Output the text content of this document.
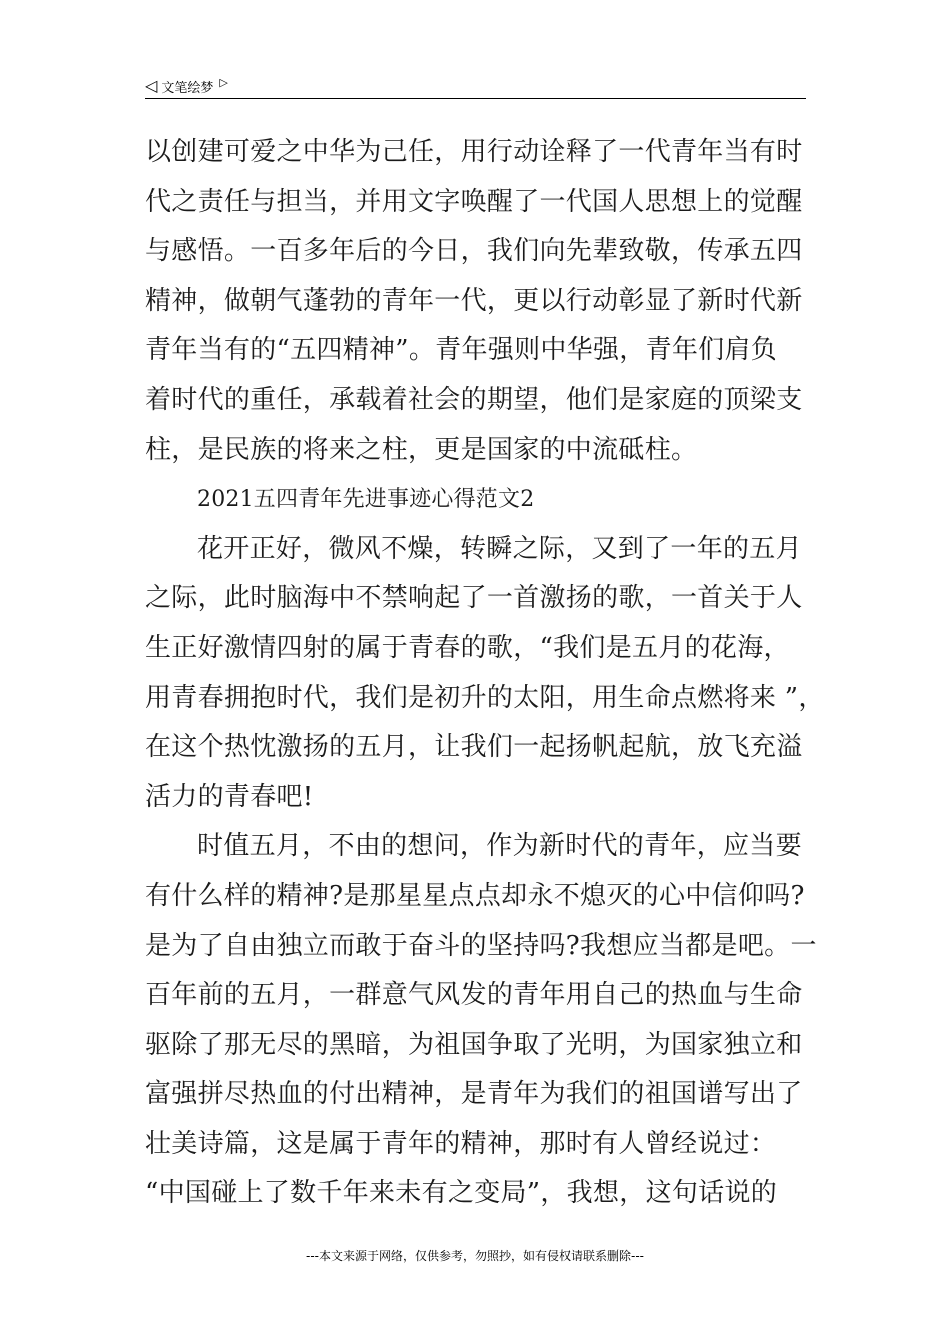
◁ 文笔绘梦 ▷
以创建可爱之中华为己任，用行动诠释了一代青年当有时
代之责任与担当，并用文字唤醒了一代国人思想上的觉醒
与感悟。一百多年后的今日，我们向先辈致敬，传承五四
精神，做朝气蓬勃的青年一代，更以行动彰显了新时代新
青年当有的“五四精神”。青年强则中华强，青年们肩负
着时代的重任，承载着社会的期望，他们是家庭的顶梁支
柱，是民族的将来之柱，更是国家的中流砥柱。
2021五四青年先进事迹心得范文2
花开正好，微风不燥，转瞬之际，又到了一年的五月
之际，此时脑海中不禁响起了一首激扬的歌，一首关于人
生正好激情四射的属于青春的歌，“我们是五月的花海，
用青春拥抱时代，我们是初升的太阳，用生命点燃将来 ”，
在这个热忱激扬的五月，让我们一起扬帆起航，放飞充溢
活力的青春吧!
时值五月，不由的想问，作为新时代的青年，应当要
有什么样的精神?是那星星点点却永不熄灭的心中信仰吗?
是为了自由独立而敢于奋斗的坚持吗?我想应当都是吧。一
百年前的五月，一群意气风发的青年用自己的热血与生命
驱除了那无尽的黑暗，为祖国争取了光明，为国家独立和
富强拼尽热血的付出精神，是青年为我们的祖国谱写出了
壮美诗篇，这是属于青年的精神，那时有人曾经说过：
“中国碰上了数千年来未有之变局”，我想，这句话说的
---本文来源于网络，仅供参考，勿照抄，如有侵权请联系删除---
